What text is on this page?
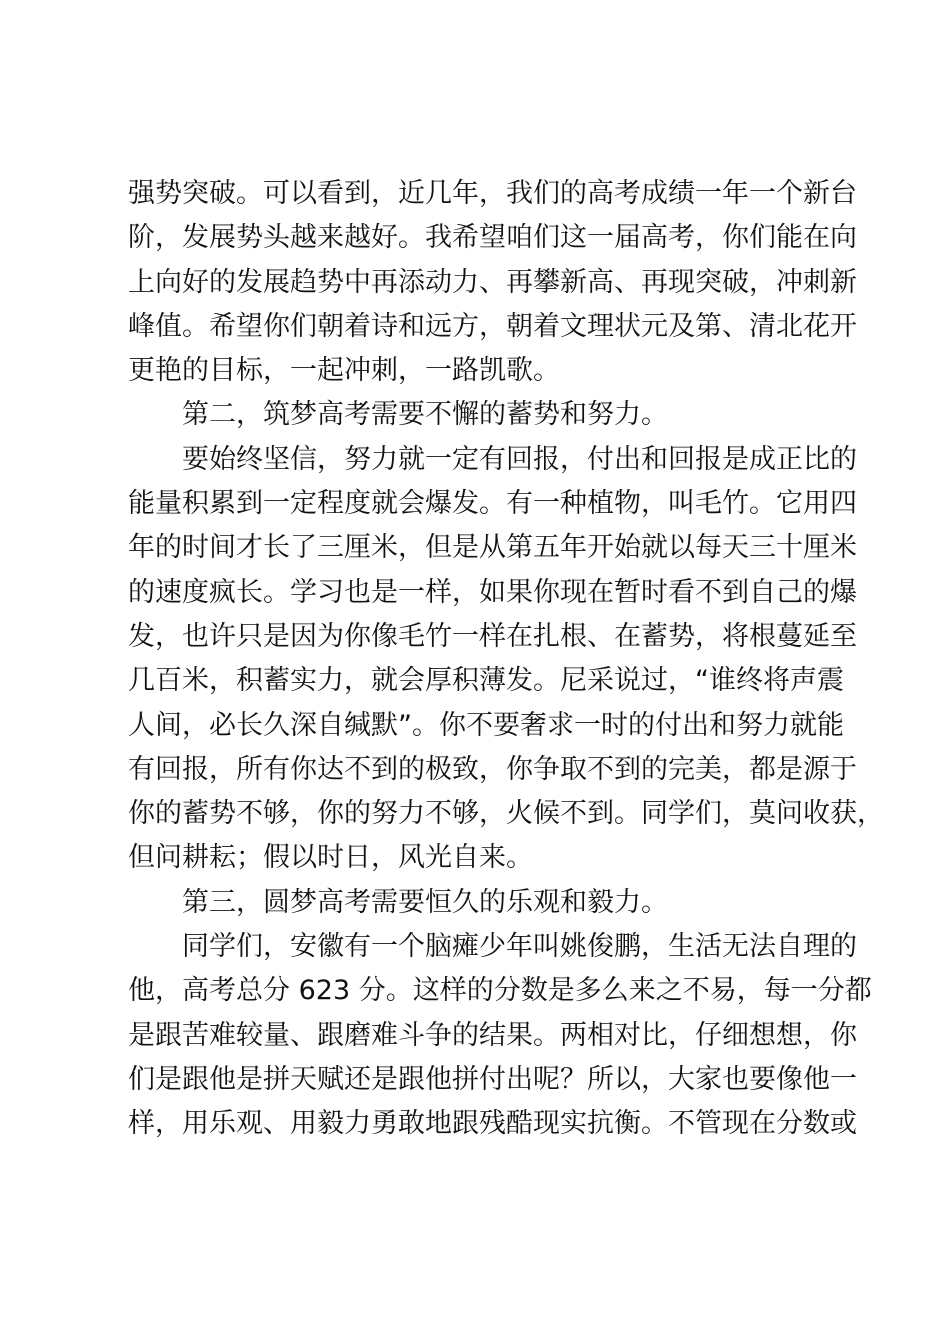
强势突破。可以看到，近几年，我们的高考成绩一年一个新台
阶，发展势头越来越好。我希望咱们这一届高考，你们能在向
上向好的发展趋势中再添动力、再攀新高、再现突破，冲刺新
峰值。希望你们朝着诗和远方，朝着文理状元及第、清北花开
更艳的目标，一起冲刺，一路凯歌。
第二，筑梦高考需要不懈的蓄势和努力。
要始终坚信，努力就一定有回报，付出和回报是成正比的
能量积累到一定程度就会爆发。有一种植物，叫毛竹。它用四
年的时间才长了三厘米，但是从第五年开始就以每天三十厘米
的速度疯长。学习也是一样，如果你现在暂时看不到自己的爆
发，也许只是因为你像毛竹一样在扎根、在蓄势，将根蔓延至
几百米，积蓄实力，就会厚积薄发。尼采说过，“谁终将声震
人间，必长久深自缄默”。你不要奢求一时的付出和努力就能
有回报，所有你达不到的极致，你争取不到的完美，都是源于
你的蓄势不够，你的努力不够，火候不到。同学们，莫问收获，
但问耕耘；假以时日，风光自来。
第三，圆梦高考需要恒久的乐观和毅力。
同学们，安徽有一个脑瘫少年叫姚俊鹏，生活无法自理的
他，高考总分 623 分。这样的分数是多么来之不易，每一分都
是跟苦难较量、跟磨难斗争的结果。两相对比，仔细想想，你
们是跟他是拼天赋还是跟他拼付出呢？所以，大家也要像他一
样，用乐观、用毅力勇敢地跟残酷现实抗衡。不管现在分数或
